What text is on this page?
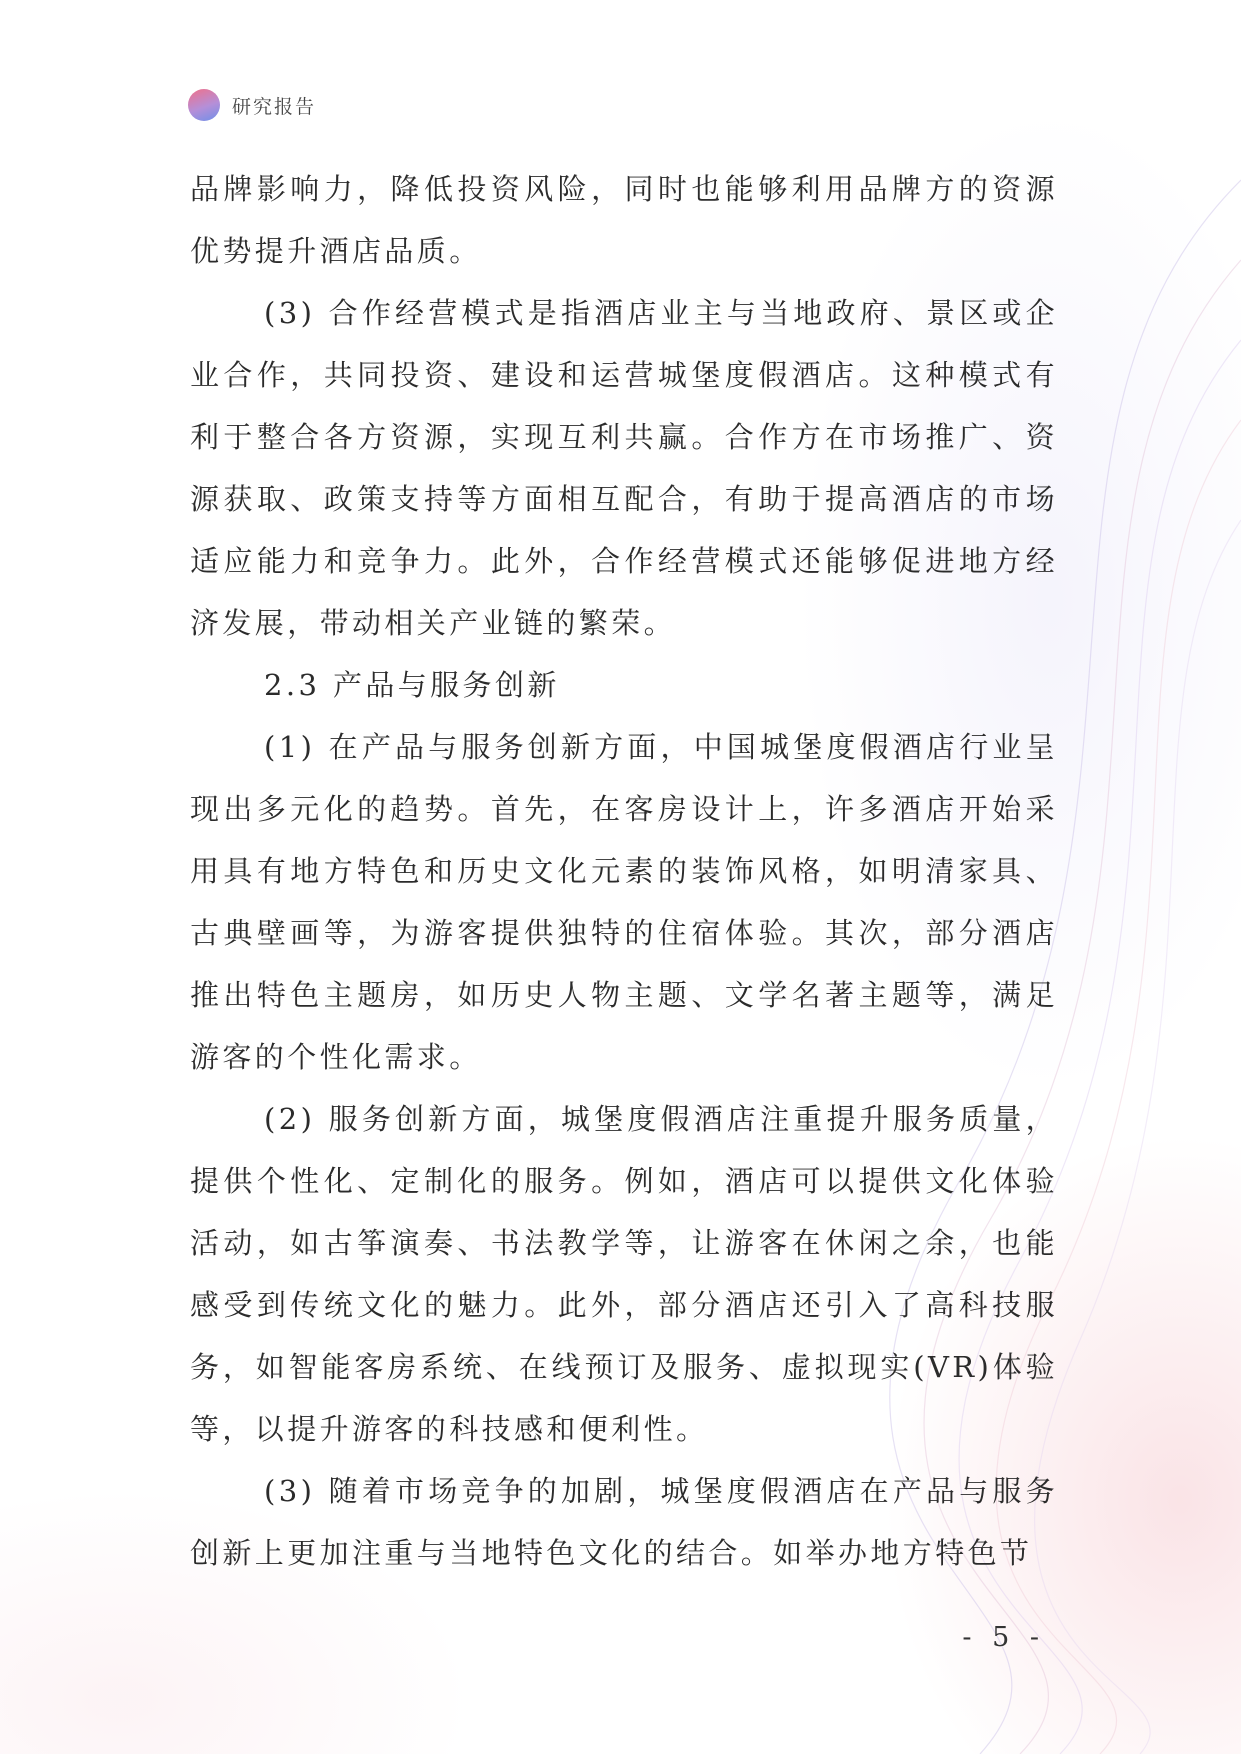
研究报告
品牌影响力，降低投资风险，同时也能够利用品牌方的资源
优势提升酒店品质。
(3) 合作经营模式是指酒店业主与当地政府、景区或企
业合作，共同投资、建设和运营城堡度假酒店。这种模式有
利于整合各方资源，实现互利共赢。合作方在市场推广、资
源获取、政策支持等方面相互配合，有助于提高酒店的市场
适应能力和竞争力。此外，合作经营模式还能够促进地方经
济发展，带动相关产业链的繁荣。
2.3 产品与服务创新
(1) 在产品与服务创新方面，中国城堡度假酒店行业呈
现出多元化的趋势。首先，在客房设计上，许多酒店开始采
用具有地方特色和历史文化元素的装饰风格，如明清家具、
古典壁画等，为游客提供独特的住宿体验。其次，部分酒店
推出特色主题房，如历史人物主题、文学名著主题等，满足
游客的个性化需求。
(2) 服务创新方面，城堡度假酒店注重提升服务质量，
提供个性化、定制化的服务。例如，酒店可以提供文化体验
活动，如古筝演奏、书法教学等，让游客在休闲之余，也能
感受到传统文化的魅力。此外，部分酒店还引入了高科技服
务，如智能客房系统、在线预订及服务、虚拟现实(VR)体验
等，以提升游客的科技感和便利性。
(3) 随着市场竞争的加剧，城堡度假酒店在产品与服务
创新上更加注重与当地特色文化的结合。如举办地方特色节
- 5 -
